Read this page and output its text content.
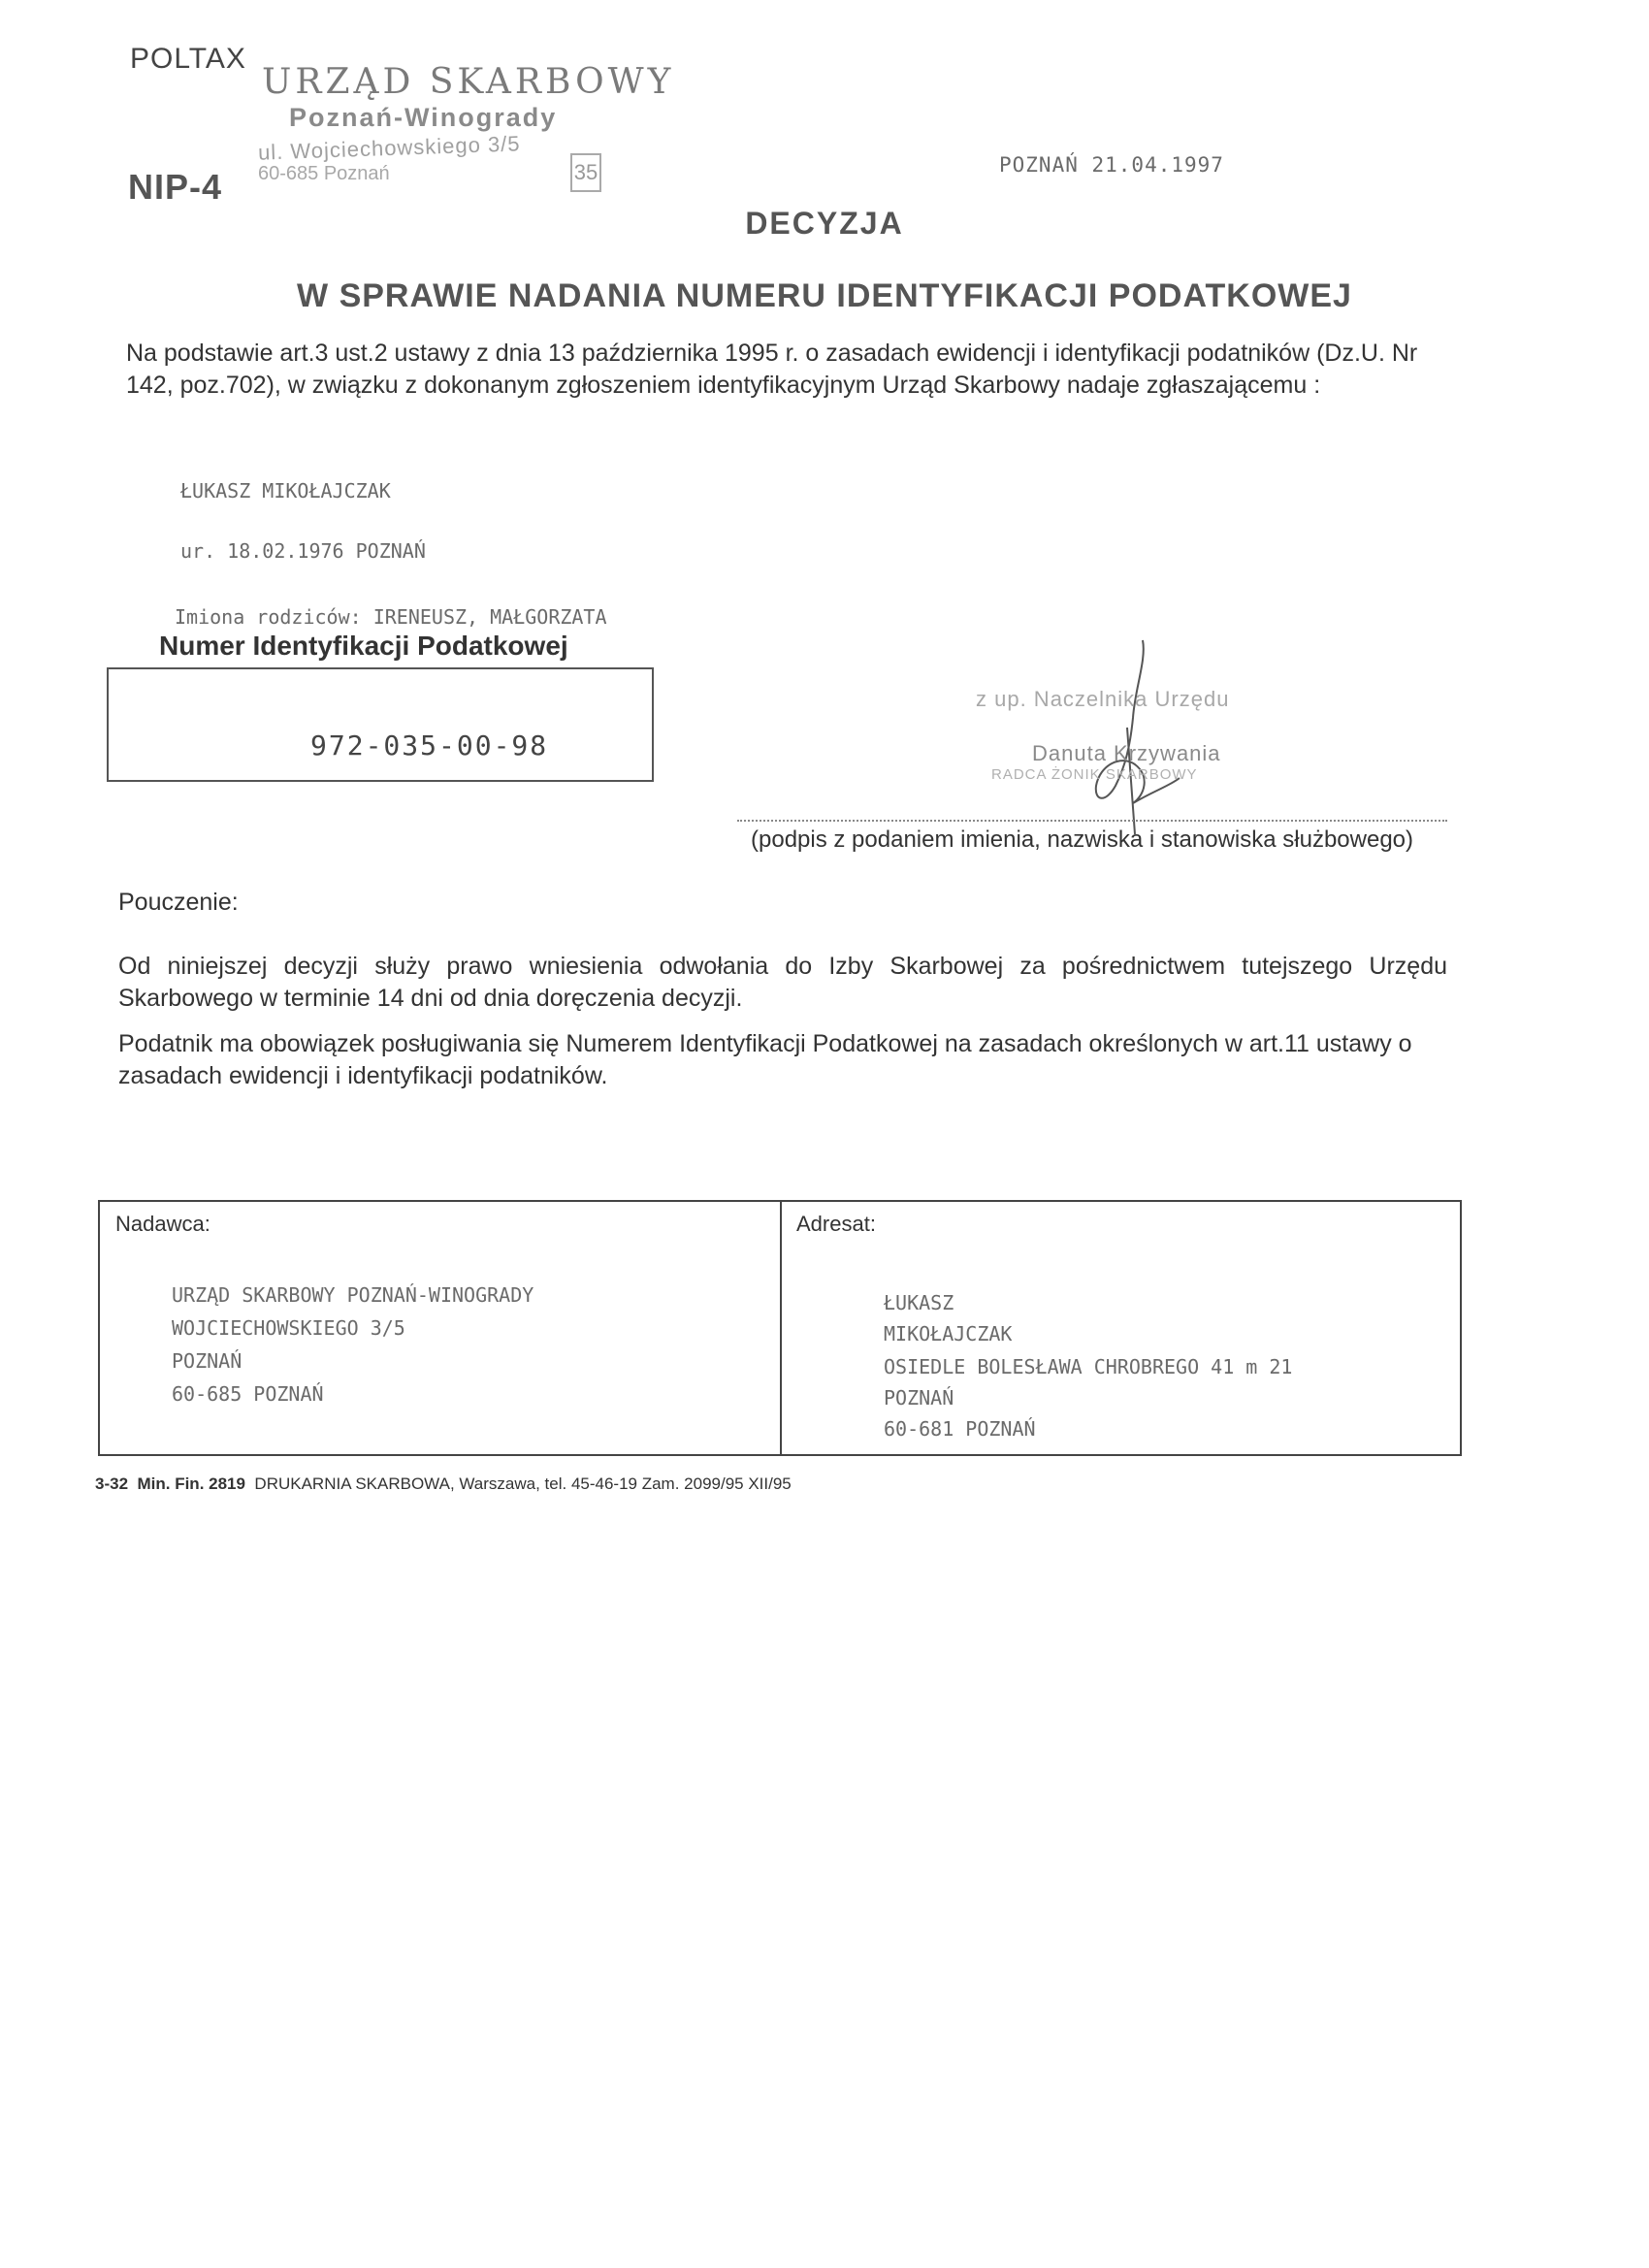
POLTAX
NIP-4
URZĄD SKARBOWY
Poznań-Winogrady
ul. Wojciechowskiego 3/5
60-685 Poznań	35	POZNAŃ 21.04.1997
DECYZJA
W SPRAWIE NADANIA NUMERU IDENTYFIKACJI PODATKOWEJ
Na podstawie art.3 ust.2 ustawy z dnia 13 października 1995 r. o zasadach ewidencji i identyfikacji podatników (Dz.U. Nr 142, poz.702), w związku z dokonanym zgłoszeniem identyfikacyjnym Urząd Skarbowy nadaje zgłaszającemu :
ŁUKASZ MIKOŁAJCZAK
ur. 18.02.1976 POZNAŃ
Imiona rodziców: IRENEUSZ, MAŁGORZATA
Numer Identyfikacji Podatkowej
972-035-00-98
z up. Naczelnika Urzędu
Danuta Krzywania
RADCA ŻONIK SKARBOWY
(podpis z podaniem imienia, nazwiska i stanowiska służbowego)
Pouczenie:
Od niniejszej decyzji służy prawo wniesienia odwołania do Izby Skarbowej za pośrednictwem tutejszego Urzędu Skarbowego w terminie 14 dni od dnia doręczenia decyzji.
Podatnik ma obowiązek posługiwania się Numerem Identyfikacji Podatkowej na zasadach określonych w art.11 ustawy o zasadach ewidencji i identyfikacji podatników.
Nadawca:
URZĄD SKARBOWY POZNAŃ-WINOGRADY
WOJCIECHOWSKIEGO 3/5
POZNAŃ
60-685 POZNAŃ
Adresat:
ŁUKASZ
MIKOŁAJCZAK
OSIEDLE BOLESŁAWA CHROBREGO 41 m 21
POZNAŃ
60-681 POZNAŃ
3-32 Min. Fin. 2819 DRUKARNIA SKARBOWA, Warszawa, tel. 45-46-19 Zam. 2099/95 XII/95
